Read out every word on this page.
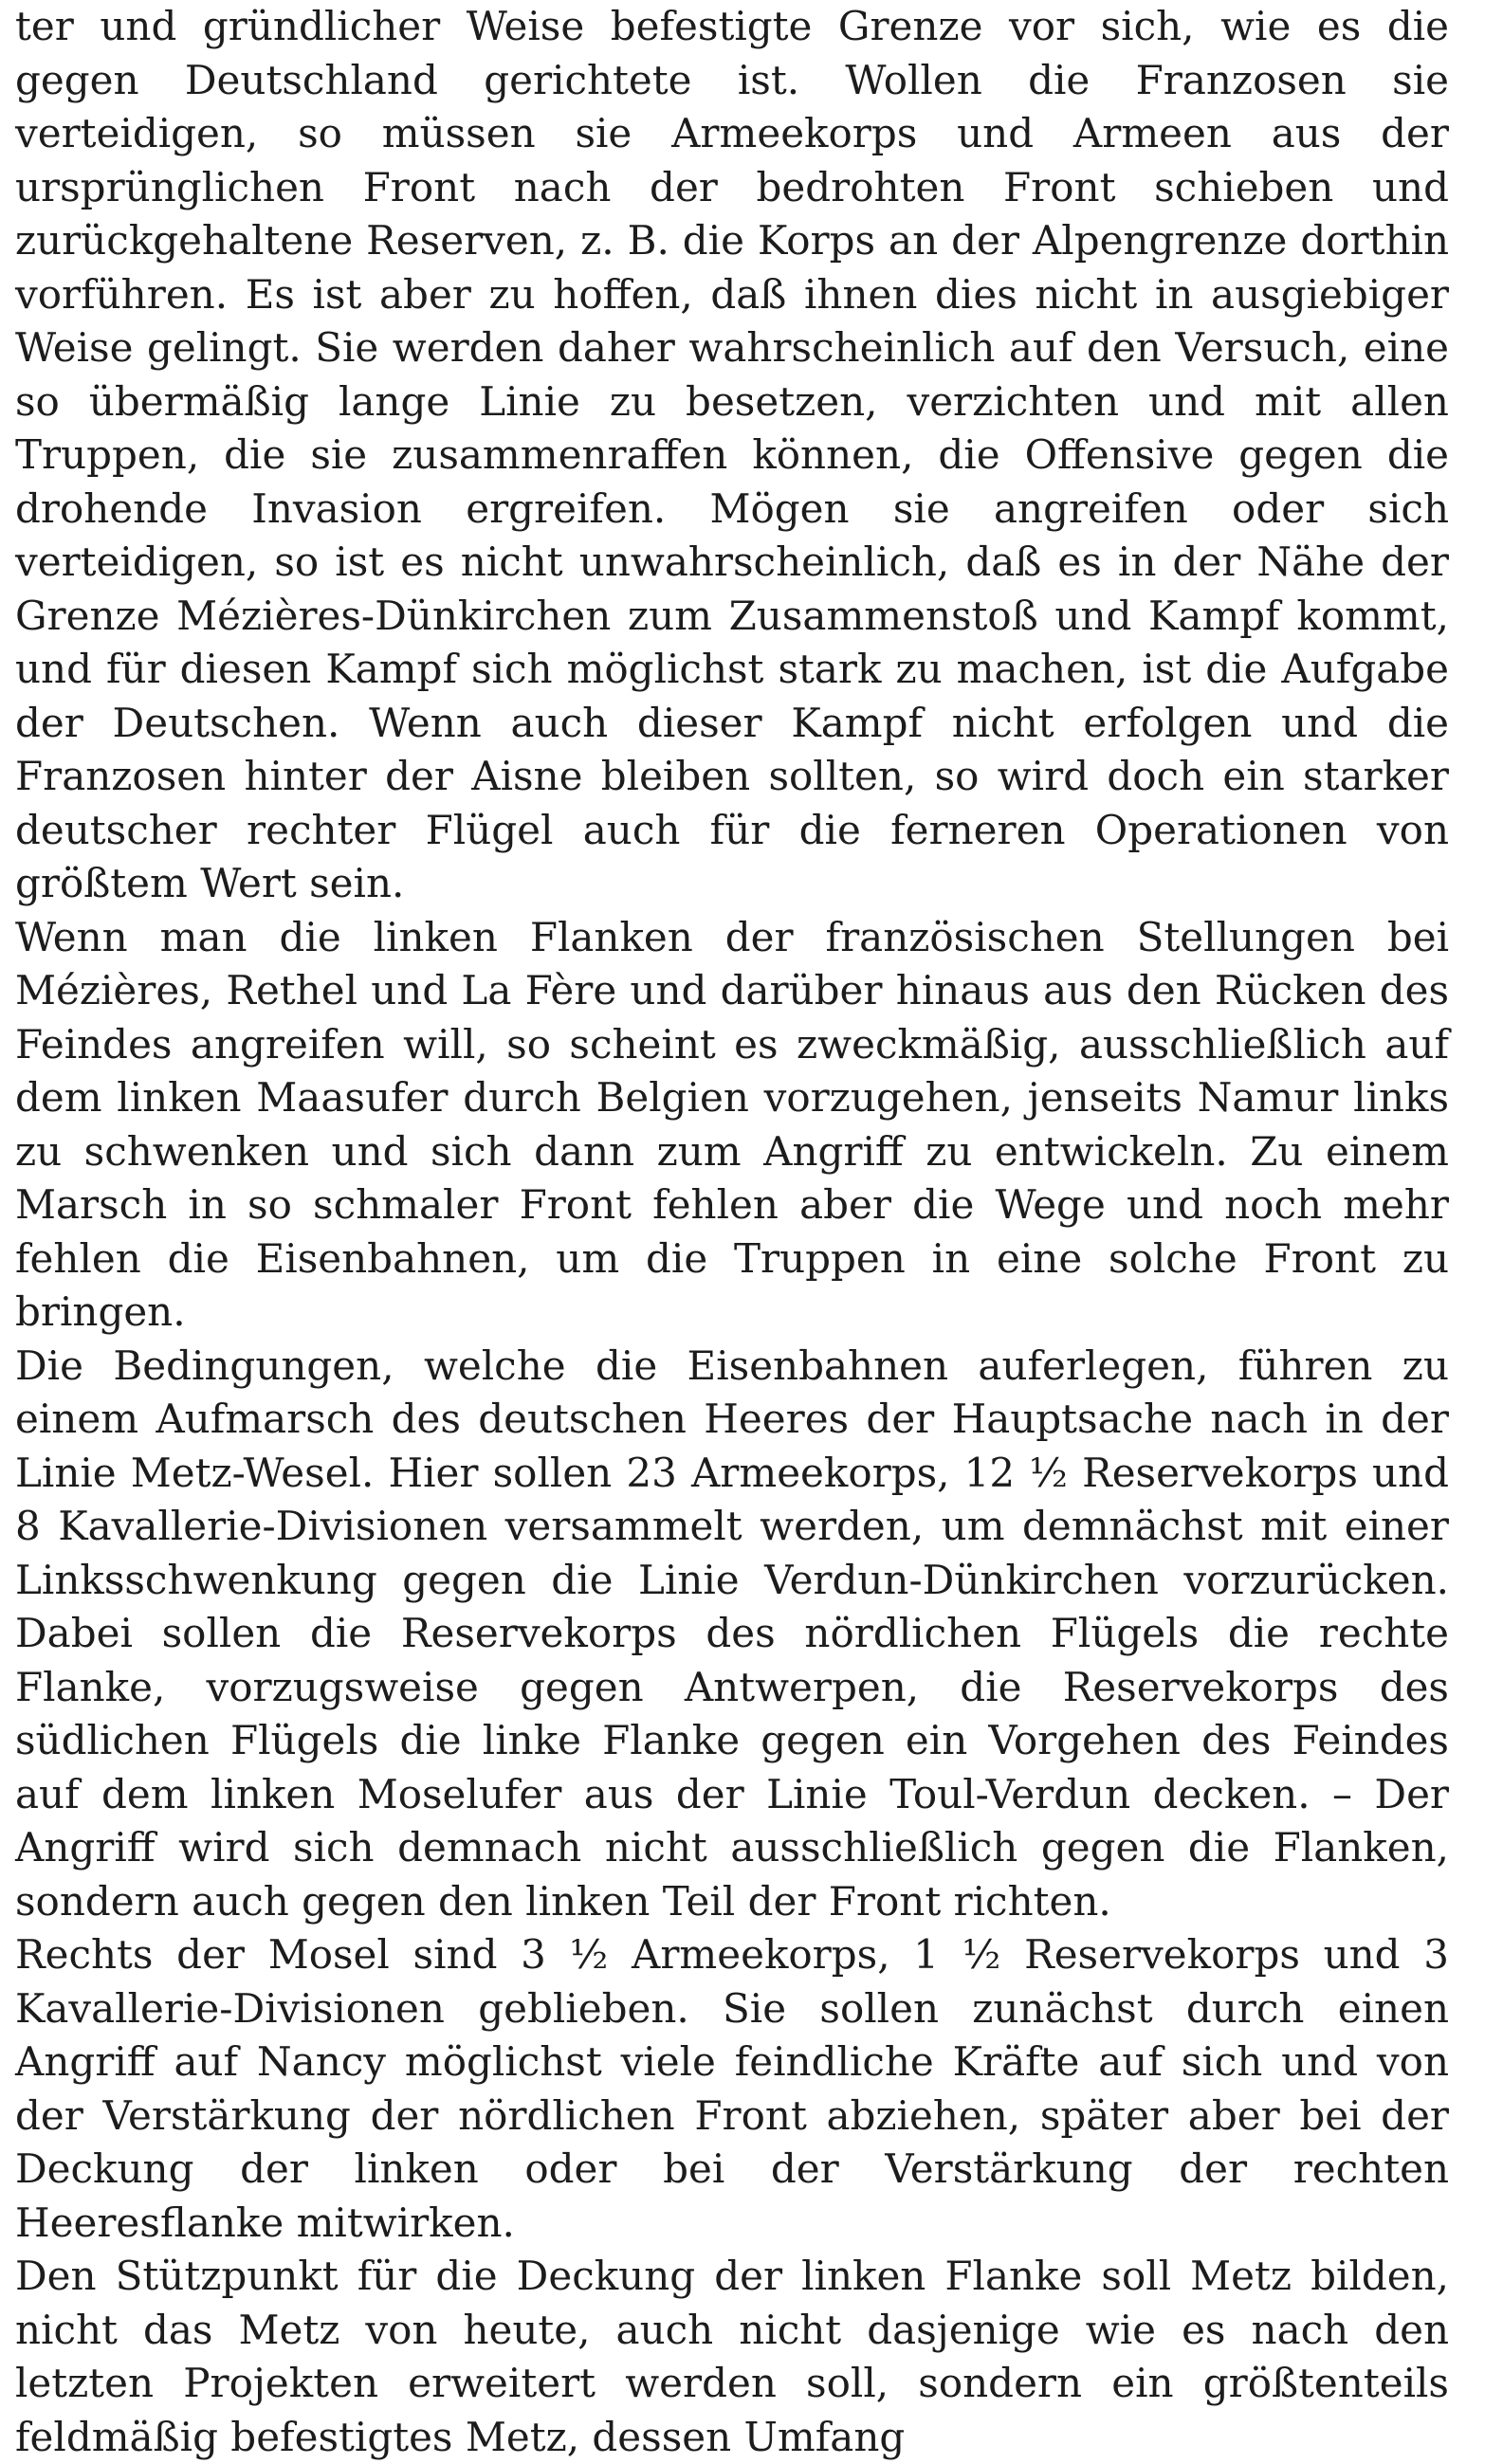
ter und gründlicher Weise befestigte Grenze vor sich, wie es die gegen Deutschland gerichtete ist. Wollen die Franzosen sie verteidigen, so müssen sie Armeekorps und Armeen aus der ursprünglichen Front nach der bedrohten Front schieben und zurückgehaltene Reserven, z. B. die Korps an der Alpengrenze dorthin vorführen. Es ist aber zu hoffen, daß ihnen dies nicht in ausgiebiger Weise gelingt. Sie werden daher wahrscheinlich auf den Versuch, eine so übermäßig lange Linie zu besetzen, verzichten und mit allen Truppen, die sie zusammenraffen können, die Offensive gegen die drohende Invasion ergreifen. Mögen sie angreifen oder sich verteidigen, so ist es nicht unwahrscheinlich, daß es in der Nähe der Grenze Mézières-Dünkirchen zum Zusammenstoß und Kampf kommt, und für diesen Kampf sich möglichst stark zu machen, ist die Aufgabe der Deutschen. Wenn auch dieser Kampf nicht erfolgen und die Franzosen hinter der Aisne bleiben sollten, so wird doch ein starker deutscher rechter Flügel auch für die ferneren Operationen von größtem Wert sein.

Wenn man die linken Flanken der französischen Stellungen bei Mézières, Rethel und La Fère und darüber hinaus aus den Rücken des Feindes angreifen will, so scheint es zweckmäßig, ausschließlich auf dem linken Maasufer durch Belgien vorzugehen, jenseits Namur links zu schwenken und sich dann zum Angriff zu entwickeln. Zu einem Marsch in so schmaler Front fehlen aber die Wege und noch mehr fehlen die Eisenbahnen, um die Truppen in eine solche Front zu bringen.

Die Bedingungen, welche die Eisenbahnen auferlegen, führen zu einem Aufmarsch des deutschen Heeres der Hauptsache nach in der Linie Metz-Wesel. Hier sollen 23 Armeekorps, 12 ½ Reservekorps und 8 Kavallerie-Divisionen versammelt werden, um demnächst mit einer Linksschwenkung gegen die Linie Verdun-Dünkirchen vorzurücken. Dabei sollen die Reservekorps des nördlichen Flügels die rechte Flanke, vorzugsweise gegen Antwerpen, die Reservekorps des südlichen Flügels die linke Flanke gegen ein Vorgehen des Feindes auf dem linken Moselufer aus der Linie Toul-Verdun decken. – Der Angriff wird sich demnach nicht ausschließlich gegen die Flanken, sondern auch gegen den linken Teil der Front richten.

Rechts der Mosel sind 3 ½ Armeekorps, 1 ½ Reservekorps und 3 Kavallerie-Divisionen geblieben. Sie sollen zunächst durch einen Angriff auf Nancy möglichst viele feindliche Kräfte auf sich und von der Verstärkung der nördlichen Front abziehen, später aber bei der Deckung der linken oder bei der Verstärkung der rechten Heeresflanke mitwirken.

Den Stützpunkt für die Deckung der linken Flanke soll Metz bilden, nicht das Metz von heute, auch nicht dasjenige wie es nach den letzten Projekten erweitert werden soll, sondern ein größtenteils feldmäßig befestigtes Metz, dessen Umfang
